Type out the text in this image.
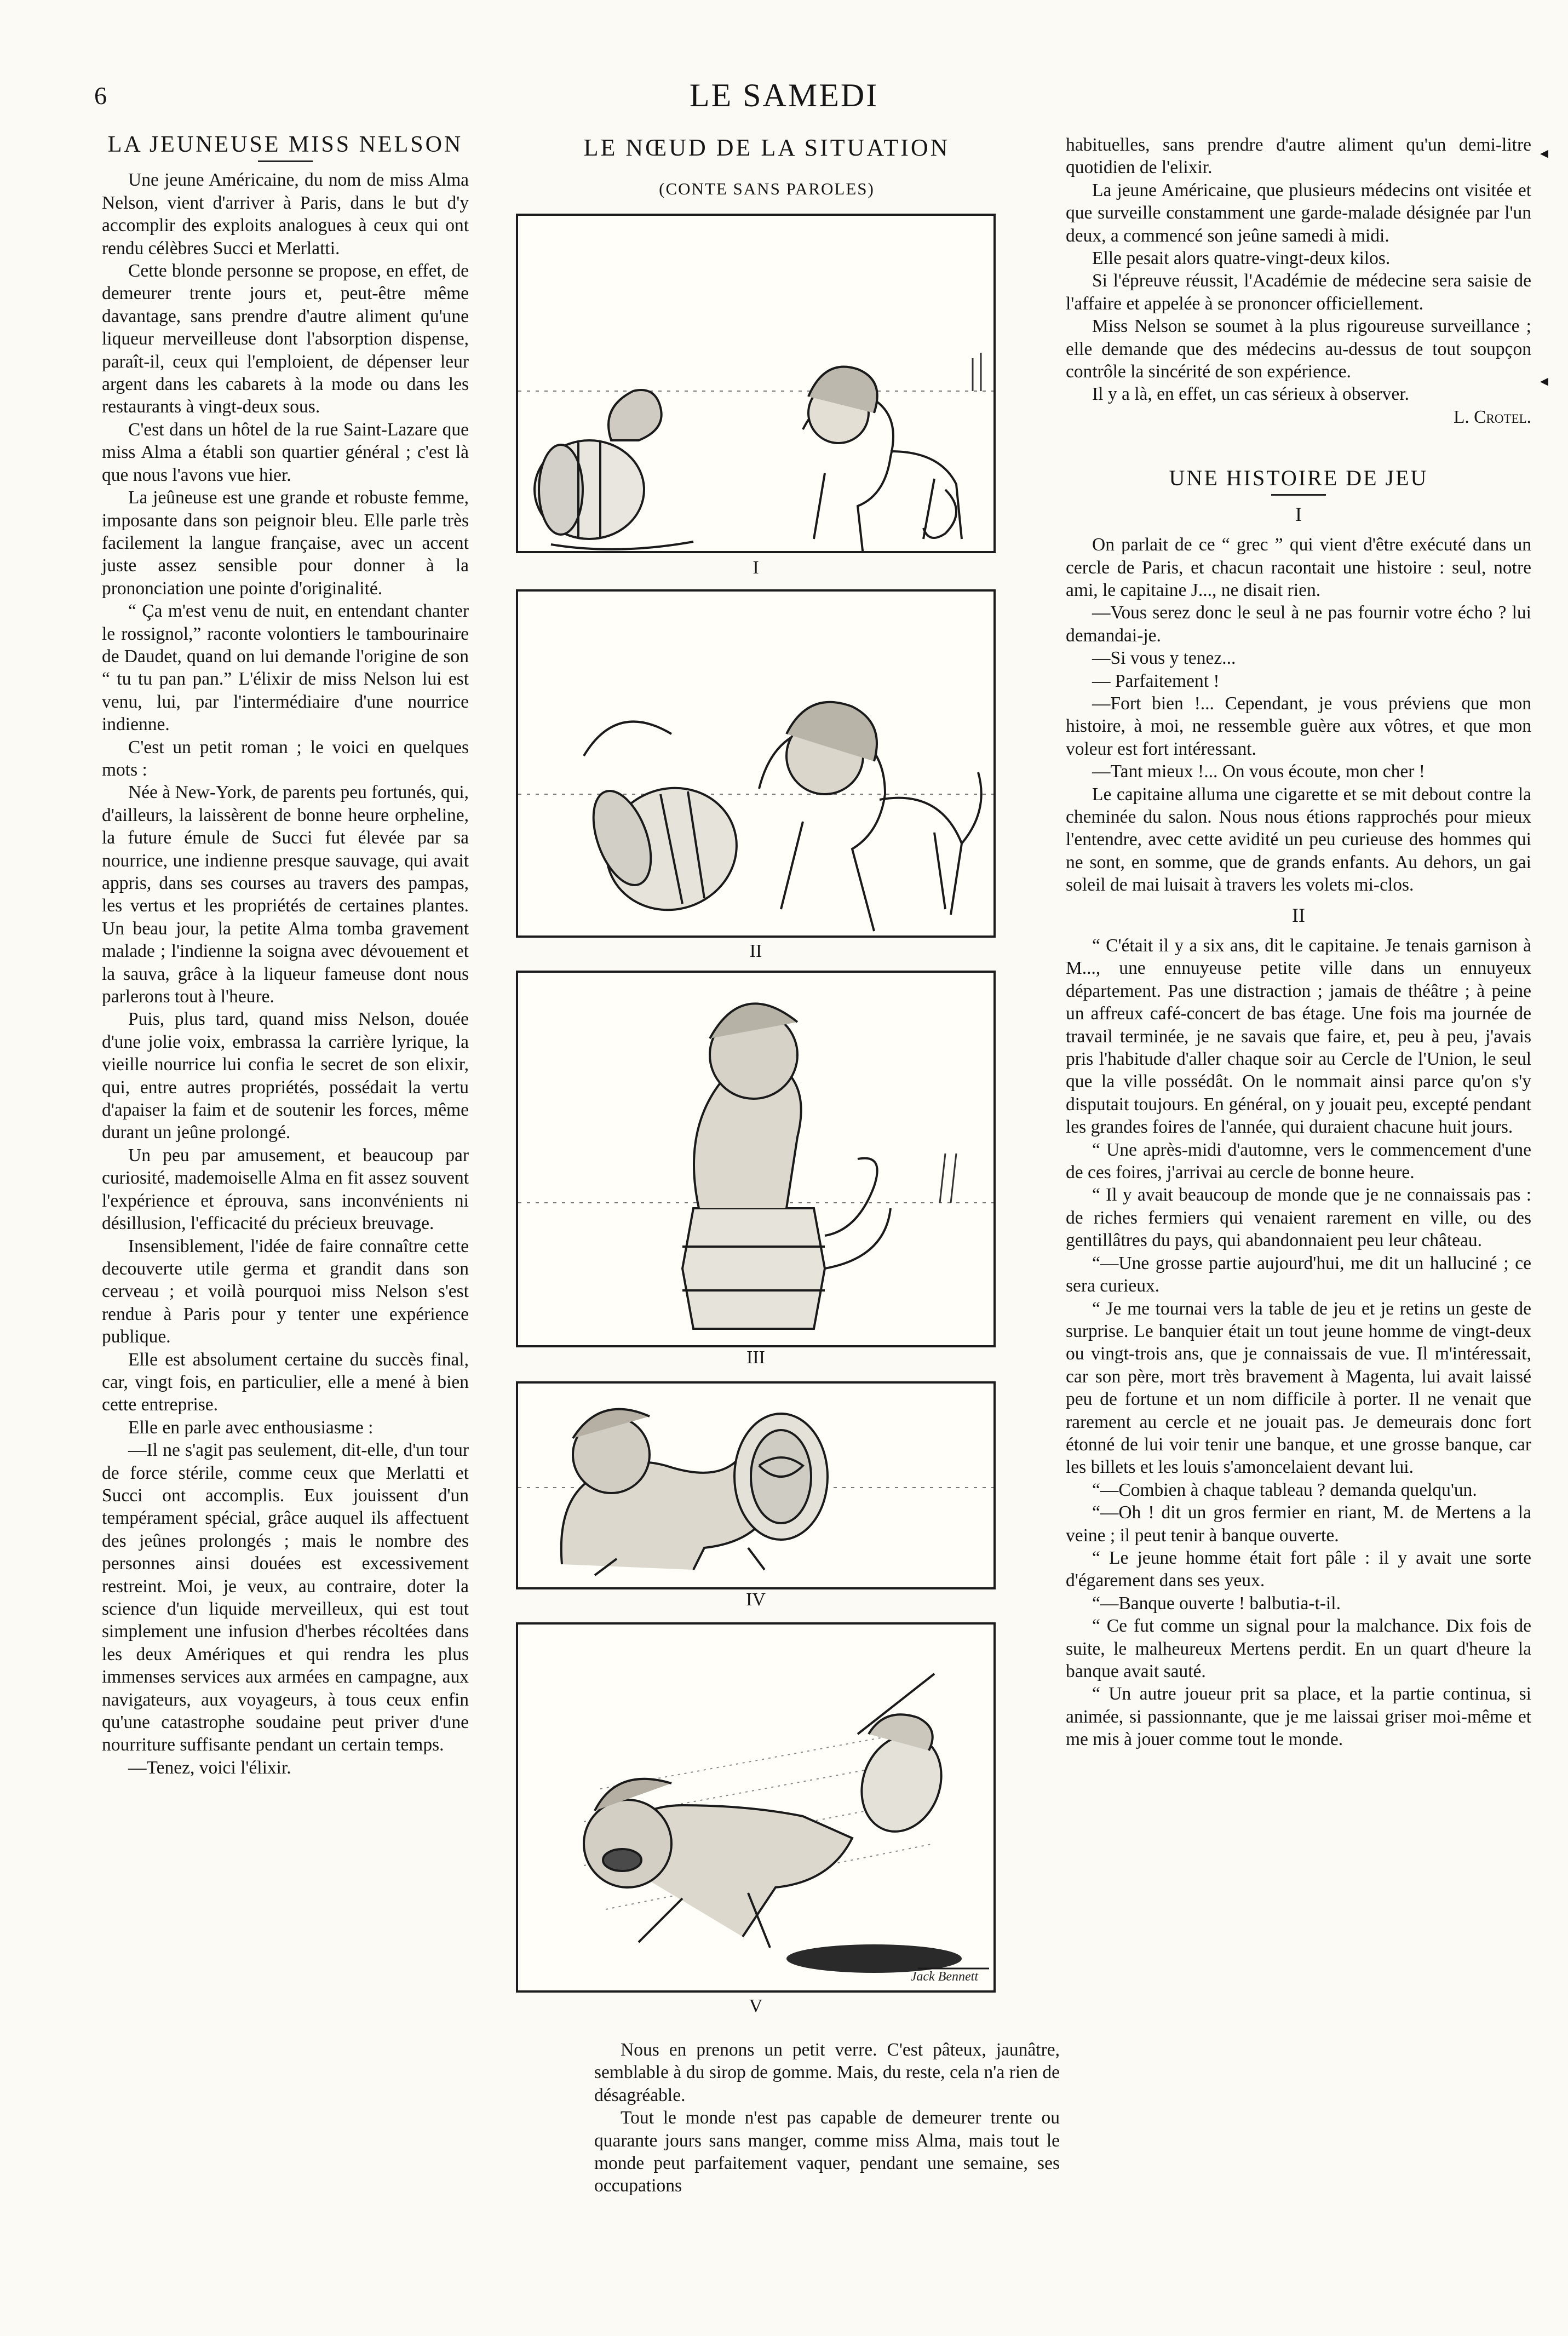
6	LE SAMEDI

LA JEUNEUSE MISS NELSON

Une jeune Américaine, du nom de miss Alma Nelson, vient d'arriver à Paris, dans le but d'y accomplir des exploits analogues à ceux qui ont rendu célèbres Succi et Merlatti.

Cette blonde personne se propose, en effet, de demeurer trente jours et, peut-être même davantage, sans prendre d'autre aliment qu'une liqueur merveilleuse dont l'absorption dispense, paraît-il, ceux qui l'emploient, de dépenser leur argent dans les cabarets à la mode ou dans les restaurants à vingt-deux sous.

C'est dans un hôtel de la rue Saint-Lazare que miss Alma a établi son quartier général ; c'est là que nous l'avons vue hier.

La jeûneuse est une grande et robuste femme, imposante dans son peignoir bleu. Elle parle très facilement la langue française, avec un accent juste assez sensible pour donner à la prononciation une pointe d'originalité.

“ Ça m'est venu de nuit, en entendant chanter le rossignol,” raconte volontiers le tambourinaire de Daudet, quand on lui demande l'origine de son “ tu tu pan pan.” L'élixir de miss Nelson lui est venu, lui, par l'intermédiaire d'une nourrice indienne.

C'est un petit roman ; le voici en quelques mots :

Née à New-York, de parents peu fortunés, qui, d'ailleurs, la laissèrent de bonne heure orpheline, la future émule de Succi fut élevée par sa nourrice, une indienne presque sauvage, qui avait appris, dans ses courses au travers des pampas, les vertus et les propriétés de certaines plantes. Un beau jour, la petite Alma tomba gravement malade ; l'indienne la soigna avec dévouement et la sauva, grâce à la liqueur fameuse dont nous parlerons tout à l'heure.

Puis, plus tard, quand miss Nelson, douée d'une jolie voix, embrassa la carrière lyrique, la vieille nourrice lui confia le secret de son elixir, qui, entre autres propriétés, possédait la vertu d'apaiser la faim et de soutenir les forces, même durant un jeûne prolongé.

Un peu par amusement, et beaucoup par curiosité, mademoiselle Alma en fit assez souvent l'expérience et éprouva, sans inconvénients ni désillusion, l'efficacité du précieux breuvage.

Insensiblement, l'idée de faire connaître cette decouverte utile germa et grandit dans son cerveau ; et voilà pourquoi miss Nelson s'est rendue à Paris pour y tenter une expérience publique.

Elle est absolument certaine du succès final, car, vingt fois, en particulier, elle a mené à bien cette entreprise.

Elle en parle avec enthousiasme :

—Il ne s'agit pas seulement, dit-elle, d'un tour de force stérile, comme ceux que Merlatti et Succi ont accomplis. Eux jouissent d'un tempérament spécial, grâce auquel ils affectuent des jeûnes prolongés ; mais le nombre des personnes ainsi douées est excessivement restreint. Moi, je veux, au contraire, doter la science d'un liquide merveilleux, qui est tout simplement une infusion d'herbes récoltées dans les deux Amériques et qui rendra les plus immenses services aux armées en campagne, aux navigateurs, aux voyageurs, à tous ceux enfin qu'une catastrophe soudaine peut priver d'une nourriture suffisante pendant un certain temps.

—Tenez, voici l'élixir.

LE NŒUD DE LA SITUATION
(CONTE SANS PAROLES)
I
II
III
IV
Jack Bennett
V

Nous en prenons un petit verre. C'est pâteux, jaunâtre, semblable à du sirop de gomme. Mais, du reste, cela n'a rien de désagréable.

Tout le monde n'est pas capable de demeurer trente ou quarante jours sans manger, comme miss Alma, mais tout le monde peut parfaitement vaquer, pendant une semaine, ses occupations

habituelles, sans prendre d'autre aliment qu'un demi-litre quotidien de l'elixir.

La jeune Américaine, que plusieurs médecins ont visitée et que surveille constamment une garde-malade désignée par l'un deux, a commencé son jeûne samedi à midi.

Elle pesait alors quatre-vingt-deux kilos.

Si l'épreuve réussit, l'Académie de médecine sera saisie de l'affaire et appelée à se prononcer officiellement.

Miss Nelson se soumet à la plus rigoureuse surveillance ; elle demande que des médecins au-dessus de tout soupçon contrôle la sincérité de son expérience.

Il y a là, en effet, un cas sérieux à observer.

L. Crotel.

UNE HISTOIRE DE JEU

I

On parlait de ce “ grec ” qui vient d'être exécuté dans un cercle de Paris, et chacun racontait une histoire : seul, notre ami, le capitaine J..., ne disait rien.

—Vous serez donc le seul à ne pas fournir votre écho ? lui demandai-je.

—Si vous y tenez...

— Parfaitement !

—Fort bien !... Cependant, je vous préviens que mon histoire, à moi, ne ressemble guère aux vôtres, et que mon voleur est fort intéressant.

—Tant mieux !... On vous écoute, mon cher !

Le capitaine alluma une cigarette et se mit debout contre la cheminée du salon. Nous nous étions rapprochés pour mieux l'entendre, avec cette avidité un peu curieuse des hommes qui ne sont, en somme, que de grands enfants. Au dehors, un gai soleil de mai luisait à travers les volets mi-clos.

II

“ C'était il y a six ans, dit le capitaine. Je tenais garnison à M..., une ennuyeuse petite ville dans un ennuyeux département. Pas une distraction ; jamais de théâtre ; à peine un affreux café-concert de bas étage. Une fois ma journée de travail terminée, je ne savais que faire, et, peu à peu, j'avais pris l'habitude d'aller chaque soir au Cercle de l'Union, le seul que la ville possédât. On le nommait ainsi parce qu'on s'y disputait toujours. En général, on y jouait peu, excepté pendant les grandes foires de l'année, qui duraient chacune huit jours.

“ Une après-midi d'automne, vers le commencement d'une de ces foires, j'arrivai au cercle de bonne heure.

“ Il y avait beaucoup de monde que je ne connaissais pas : de riches fermiers qui venaient rarement en ville, ou des gentillâtres du pays, qui abandonnaient peu leur château.

“—Une grosse partie aujourd'hui, me dit un halluciné ; ce sera curieux.

“ Je me tournai vers la table de jeu et je retins un geste de surprise. Le banquier était un tout jeune homme de vingt-deux ou vingt-trois ans, que je connaissais de vue. Il m'intéressait, car son père, mort très bravement à Magenta, lui avait laissé peu de fortune et un nom difficile à porter. Il ne venait que rarement au cercle et ne jouait pas. Je demeurais donc fort étonné de lui voir tenir une banque, et une grosse banque, car les billets et les louis s'amoncelaient devant lui.

“—Combien à chaque tableau ? demanda quelqu'un.

“—Oh ! dit un gros fermier en riant, M. de Mertens a la veine ; il peut tenir à banque ouverte.

“ Le jeune homme était fort pâle : il y avait une sorte d'égarement dans ses yeux.

“—Banque ouverte ! balbutia-t-il.

“ Ce fut comme un signal pour la malchance. Dix fois de suite, le malheureux Mertens perdit. En un quart d'heure la banque avait sauté.

“ Un autre joueur prit sa place, et la partie continua, si animée, si passionnante, que je me laissai griser moi-même et me mis à jouer comme tout le monde.

◂
◂
